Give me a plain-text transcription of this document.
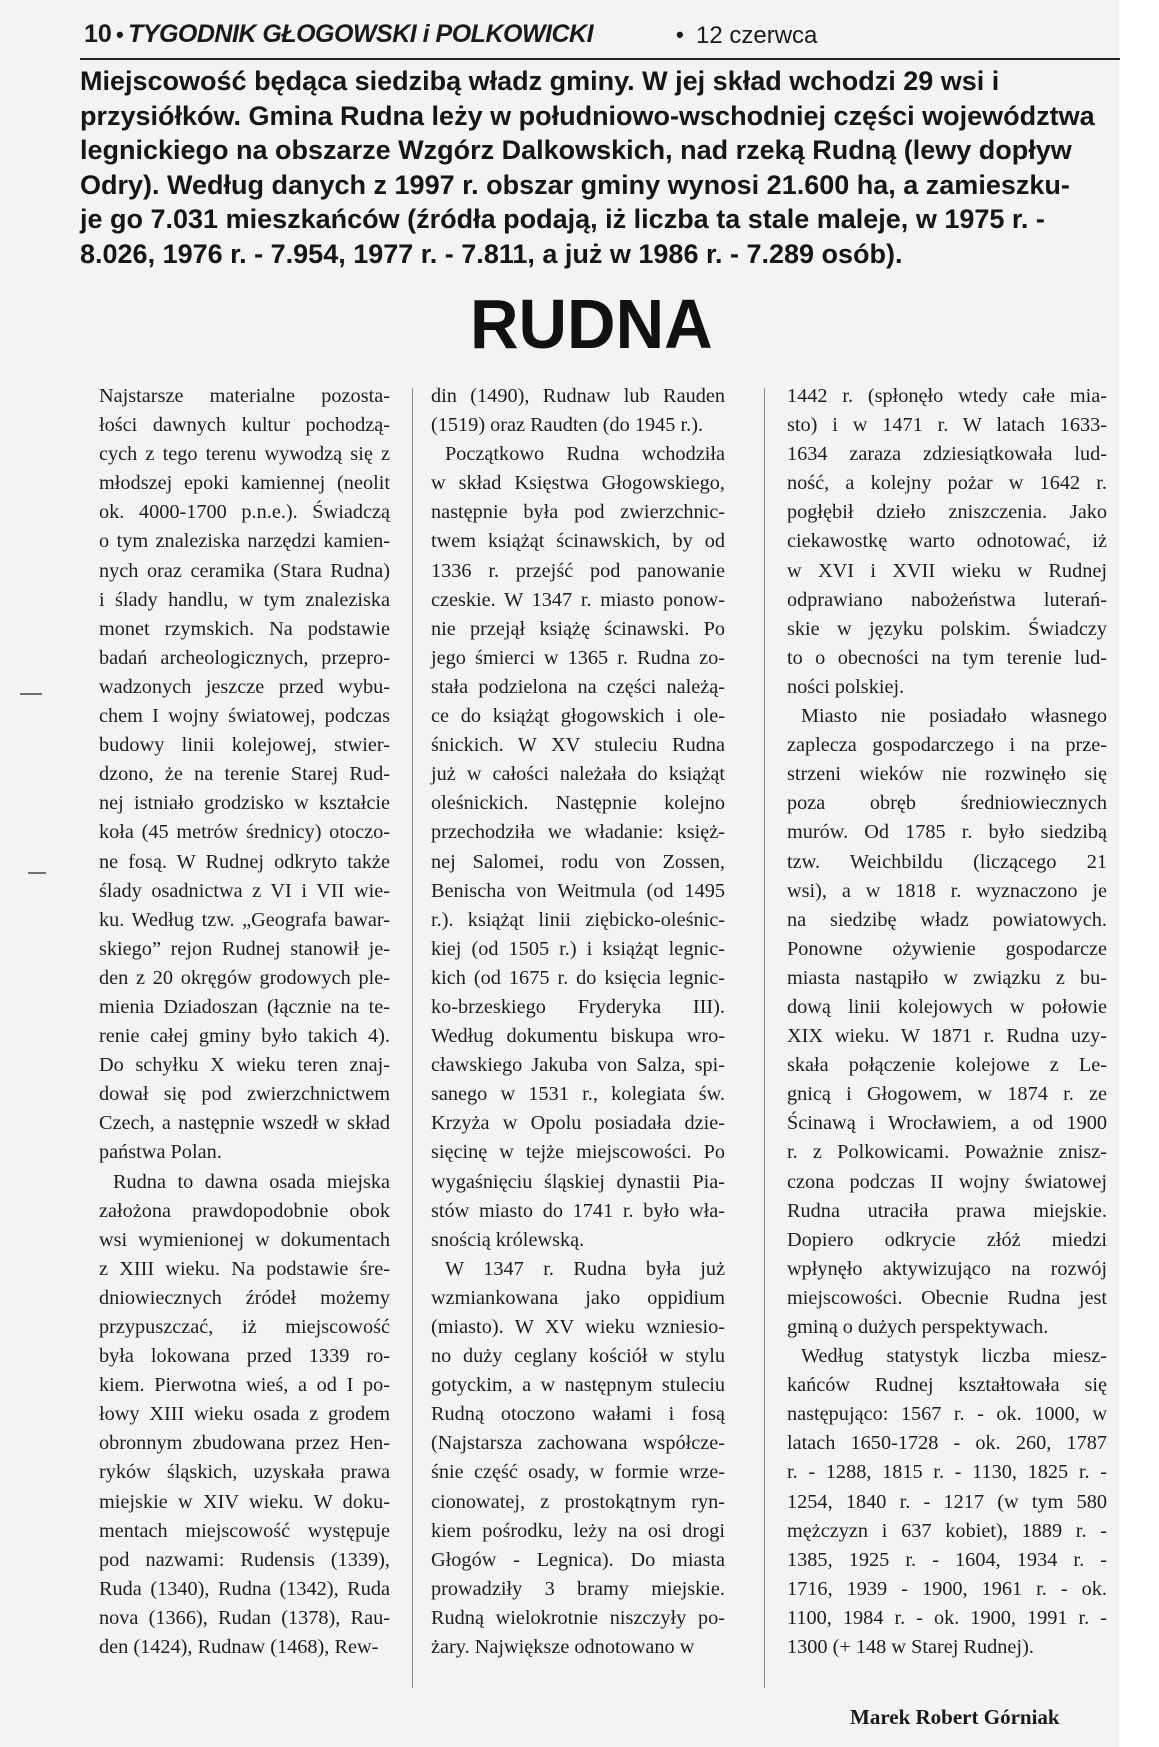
10 • TYGODNIK GŁOGOWSKI i POLKOWICKI	• 12 czerwca
Miejscowość będąca siedzibą władz gminy. W jej skład wchodzi 29 wsi i
przysiółków. Gmina Rudna leży w południowo-wschodniej części województwa
legnickiego na obszarze Wzgórz Dalkowskich, nad rzeką Rudną (lewy dopływ
Odry). Według danych z 1997 r. obszar gminy wynosi 21.600 ha, a zamieszku-
je go 7.031 mieszkańców (źródła podają, iż liczba ta stale maleje, w 1975 r. -
8.026, 1976 r. - 7.954, 1977 r. - 7.811, a już w 1986 r. - 7.289 osób).
RUDNA
Najstarsze materialne pozosta-
łości dawnych kultur pochodzą-
cych z tego terenu wywodzą się z
młodszej epoki kamiennej (neolit
ok. 4000-1700 p.n.e.). Świadczą
o tym znaleziska narzędzi kamien-
nych oraz ceramika (Stara Rudna)
i ślady handlu, w tym znaleziska
monet rzymskich. Na podstawie
badań archeologicznych, przepro-
wadzonych jeszcze przed wybu-
chem I wojny światowej, podczas
budowy linii kolejowej, stwier-
dzono, że na terenie Starej Rud-
nej istniało grodzisko w kształcie
koła (45 metrów średnicy) otoczo-
ne fosą. W Rudnej odkryto także
ślady osadnictwa z VI i VII wie-
ku. Według tzw. „Geografa bawar-
skiego” rejon Rudnej stanowił je-
den z 20 okręgów grodowych ple-
mienia Dziadoszan (łącznie na te-
renie całej gminy było takich 4).
Do schyłku X wieku teren znaj-
dował się pod zwierzchnictwem
Czech, a następnie wszedł w skład
państwa Polan.
Rudna to dawna osada miejska
założona prawdopodobnie obok
wsi wymienionej w dokumentach
z XIII wieku. Na podstawie śre-
dniowiecznych źródeł możemy
przypuszczać, iż miejscowość
była lokowana przed 1339 ro-
kiem. Pierwotna wieś, a od I po-
łowy XIII wieku osada z grodem
obronnym zbudowana przez Hen-
ryków śląskich, uzyskała prawa
miejskie w XIV wieku. W doku-
mentach miejscowość występuje
pod nazwami: Rudensis (1339),
Ruda (1340), Rudna (1342), Ruda
nova (1366), Rudan (1378), Rau-
den (1424), Rudnaw (1468), Rew-
din (1490), Rudnaw lub Rauden
(1519) oraz Raudten (do 1945 r.).
Początkowo Rudna wchodziła
w skład Księstwa Głogowskiego,
następnie była pod zwierzchnic-
twem książąt ścinawskich, by od
1336 r. przejść pod panowanie
czeskie. W 1347 r. miasto ponow-
nie przejął książę ścinawski. Po
jego śmierci w 1365 r. Rudna zo-
stała podzielona na części należą-
ce do książąt głogowskich i ole-
śnickich. W XV stuleciu Rudna
już w całości należała do książąt
oleśnickich. Następnie kolejno
przechodziła we władanie: księż-
nej Salomei, rodu von Zossen,
Benischa von Weitmula (od 1495
r.). książąt linii ziębicko-oleśnic-
kiej (od 1505 r.) i książąt legnic-
kich (od 1675 r. do księcia legnic-
ko-brzeskiego Fryderyka III).
Według dokumentu biskupa wro-
cławskiego Jakuba von Salza, spi-
sanego w 1531 r., kolegiata św.
Krzyża w Opolu posiadała dzie-
sięcinę w tejże miejscowości. Po
wygaśnięciu śląskiej dynastii Pia-
stów miasto do 1741 r. było wła-
snością królewską.
W 1347 r. Rudna była już
wzmiankowana jako oppidium
(miasto). W XV wieku wzniesio-
no duży ceglany kościół w stylu
gotyckim, a w następnym stuleciu
Rudną otoczono wałami i fosą
(Najstarsza zachowana współcze-
śnie część osady, w formie wrze-
cionowatej, z prostokątnym ryn-
kiem pośrodku, leży na osi drogi
Głogów - Legnica). Do miasta
prowadziły 3 bramy miejskie.
Rudną wielokrotnie niszczyły po-
żary. Największe odnotowano w
1442 r. (spłonęło wtedy całe mia-
sto) i w 1471 r. W latach 1633-
1634 zaraza zdziesiątkowała lud-
ność, a kolejny pożar w 1642 r.
pogłębił dzieło zniszczenia. Jako
ciekawostkę warto odnotować, iż
w XVI i XVII wieku w Rudnej
odprawiano nabożeństwa luterań-
skie w języku polskim. Świadczy
to o obecności na tym terenie lud-
ności polskiej.
Miasto nie posiadało własnego
zaplecza gospodarczego i na prze-
strzeni wieków nie rozwinęło się
poza obręb średniowiecznych
murów. Od 1785 r. było siedzibą
tzw. Weichbildu (liczącego 21
wsi), a w 1818 r. wyznaczono je
na siedzibę władz powiatowych.
Ponowne ożywienie gospodarcze
miasta nastąpiło w związku z bu-
dową linii kolejowych w połowie
XIX wieku. W 1871 r. Rudna uzy-
skała połączenie kolejowe z Le-
gnicą i Głogowem, w 1874 r. ze
Ścinawą i Wrocławiem, a od 1900
r. z Polkowicami. Poważnie znisz-
czona podczas II wojny światowej
Rudna utraciła prawa miejskie.
Dopiero odkrycie złóż miedzi
wpłynęło aktywizująco na rozwój
miejscowości. Obecnie Rudna jest
gminą o dużych perspektywach.
Według statystyk liczba miesz-
kańców Rudnej kształtowała się
następująco: 1567 r. - ok. 1000, w
latach 1650-1728 - ok. 260, 1787
r. - 1288, 1815 r. - 1130, 1825 r. -
1254, 1840 r. - 1217 (w tym 580
mężczyzn i 637 kobiet), 1889 r. -
1385, 1925 r. - 1604, 1934 r. -
1716, 1939 - 1900, 1961 r. - ok.
1100, 1984 r. - ok. 1900, 1991 r. -
1300 (+ 148 w Starej Rudnej).
Marek Robert Górniak
